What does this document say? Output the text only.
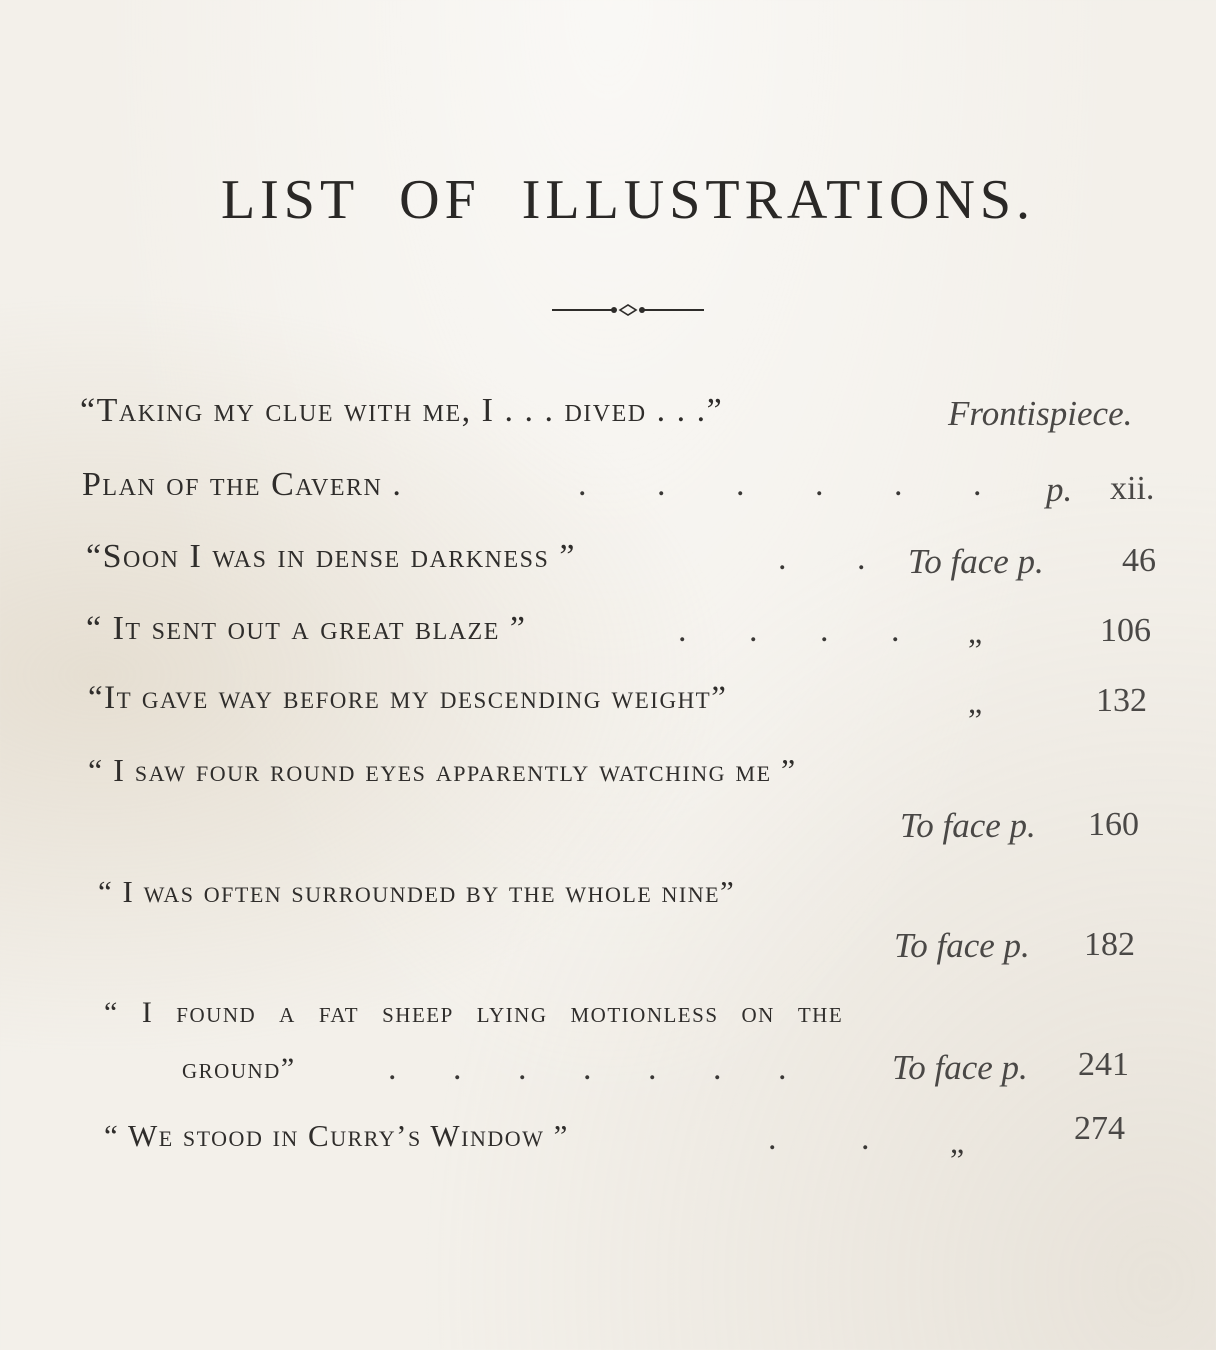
LIST OF ILLUSTRATIONS.
“Taking my clue with me, I . . . dived . . .”	Frontispiece.
Plan of the Cavern .	. . . . . . p. xii.
“Soon I was in dense darkness ”	. . To face p. 46
“ It sent out a great blaze ”	. . . . „	106
“It gave way before my descending weight”	„	132
“ I saw four round eyes apparently watching me ”
To face p. 160
“ I was often surrounded by the whole nine”
To face p. 182
“ I found a fat sheep lying motionless on the
ground”	. . . . . . .	To face p. 241
“ We stood in Curry’s Window ”	. .	„	274
